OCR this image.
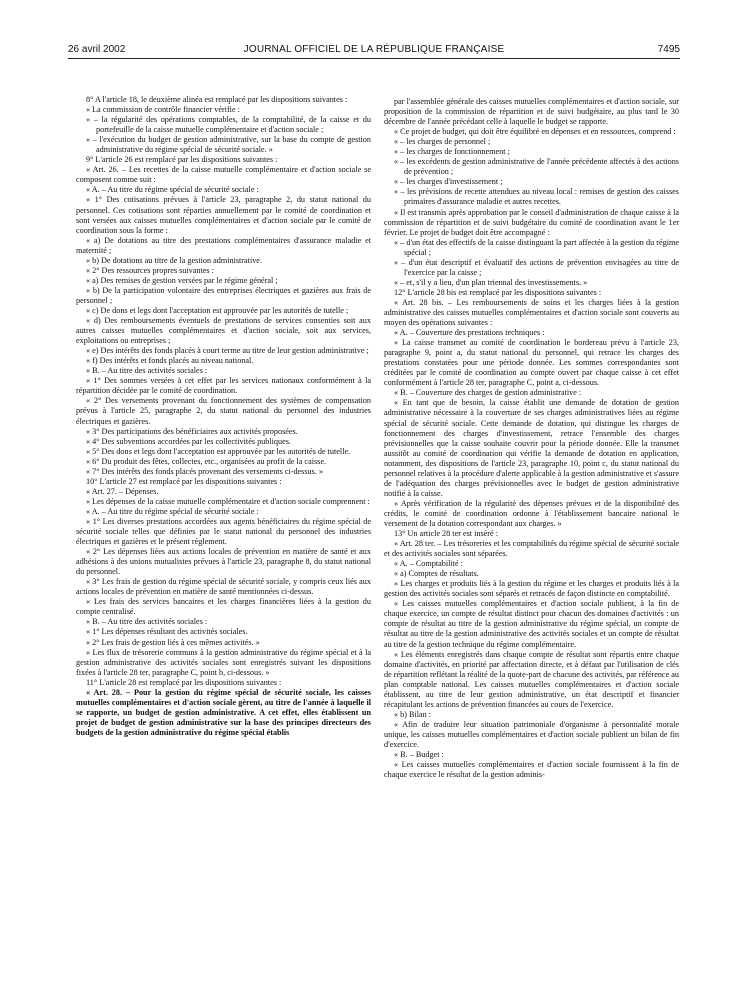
26 avril 2002	JOURNAL OFFICIEL DE LA RÉPUBLIQUE FRANÇAISE	7495

8° A l'article 18, le deuxième alinéa est remplacé par les dispositions suivantes :

« La commission de contrôle financier vérifie :

« – la régularité des opérations comptables, de la comptabilité, de la caisse et du portefeuille de la caisse mutuelle complémentaire et d'action sociale ;

« – l'exécution du budget de gestion administrative, sur la base du compte de gestion administrative du régime spécial de sécurité sociale. »

9° L'article 26 est remplacé par les dispositions suivantes :

« Art. 26. – Les recettes de la caisse mutuelle complémentaire et d'action sociale se composent comme suit :

« A. – Au titre du régime spécial de sécurité sociale :

« 1° Des cotisations prévues à l'article 23, paragraphe 2, du statut national du personnel. Ces cotisations sont réparties annuellement par le comité de coordination et sont versées aux caisses mutuelles complémentaires et d'action sociale par le comité de coordination sous la forme :

« a) De dotations au titre des prestations complémentaires d'assurance maladie et maternité ;

« b) De dotations au titre de la gestion administrative.

« 2° Des ressources propres suivantes :

« a) Des remises de gestion versées par le régime général ;

« b) De la participation volontaire des entreprises électriques et gazières aux frais de personnel ;

« c) De dons et legs dont l'acceptation est approuvée par les autorités de tutelle ;

« d) Des remboursements éventuels de prestations de services consenties soit aux autres caisses mutuelles complémentaires et d'action sociale, soit aux services, exploitations ou entreprises ;

« e) Des intérêts des fonds placés à court terme au titre de leur gestion administrative ;

« f) Des intérêts et fonds placés au niveau national.

« B. – Au titre des activités sociales :

« 1° Des sommes versées à cet effet par les services nationaux conformément à la répartition décidée par le comité de coordination.

« 2° Des versements provenant du fonctionnement des systèmes de compensation prévus à l'article 25, paragraphe 2, du statut national du personnel des industries électriques et gazières.

« 3° Des participations des bénéficiaires aux activités proposées.

« 4° Des subventions accordées par les collectivités publiques.

« 5° Des dons et legs dont l'acceptation est approuvée par les autorités de tutelle.

« 6° Du produit des fêtes, collectes, etc., organisées au profit de la caisse.

« 7° Des intérêts des fonds placés provenant des versements ci-dessus. »

10° L'article 27 est remplacé par les dispositions suivantes :

« Art. 27. – Dépenses.

« Les dépenses de la caisse mutuelle complémentaire et d'action sociale comprennent :

« A. – Au titre du régime spécial de sécurité sociale :

« 1° Les diverses prestations accordées aux agents bénéficiaires du régime spécial de sécurité sociale telles que définies par le statut national du personnel des industries électriques et gazières et le présent règlement.

« 2° Les dépenses liées aux actions locales de prévention en matière de santé et aux adhésions à des unions mutualistes prévues à l'article 23, paragraphe 8, du statut national du personnel.

« 3° Les frais de gestion du régime spécial de sécurité sociale, y compris ceux liés aux actions locales de prévention en matière de santé mentionnées ci-dessus.

« Les frais des services bancaires et les charges financières liées à la gestion du compte centralisé.

« B. – Au titre des activités sociales :

« 1° Les dépenses résultant des activités sociales.

« 2° Les frais de gestion liés à ces mêmes activités. »

« Les flux de trésorerie communs à la gestion administrative du régime spécial et à la gestion administrative des activités sociales sont enregistrés suivant les dispositions fixées à l'article 28 ter, paragraphe C, point b, ci-dessous. »

11° L'article 28 est remplacé par les dispositions suivantes :

« Art. 28. – Pour la gestion du régime spécial de sécurité sociale, les caisses mutuelles complémentaires et d'action sociale gèrent, au titre de l'année à laquelle il se rapporte, un budget de gestion administrative. A cet effet, elles établissent un projet de budget de gestion administrative sur la base des principes directeurs des budgets de la gestion administrative du régime spécial établis

par l'assemblée générale des caisses mutuelles complémentaires et d'action sociale, sur proposition de la commission de répartition et de suivi budgétaire, au plus tard le 30 décembre de l'année précédant celle à laquelle le budget se rapporte.

« Ce projet de budget, qui doit être équilibré en dépenses et en ressources, comprend :

« – les charges de personnel ;

« – les charges de fonctionnement ;

« – les excédents de gestion administrative de l'année précédente affectés à des actions de prévention ;

« – les charges d'investissement ;

« – les prévisions de recette attendues au niveau local : remises de gestion des caisses primaires d'assurance maladie et autres recettes.

« Il est transmis après approbation par le conseil d'administration de chaque caisse à la commission de répartition et de suivi budgétaire du comité de coordination avant le 1er février. Le projet de budget doit être accompagné :

« – d'un état des effectifs de la caisse distinguant la part affectée à la gestion du régime spécial ;

« – d'un état descriptif et évaluatif des actions de prévention envisagées au titre de l'exercice par la caisse ;

« – et, s'il y a lieu, d'un plan triennal des investissements. »

12° L'article 28 bis est remplacé par les dispositions suivantes :

« Art. 28 bis. – Les remboursements de soins et les charges liées à la gestion administrative des caisses mutuelles complémentaires et d'action sociale sont couverts au moyen des opérations suivantes :

« A. – Couverture des prestations techniques :

« La caisse transmet au comité de coordination le bordereau prévu à l'article 23, paragraphe 9, point a, du statut national du personnel, qui retrace les charges des prestations constatées pour une période donnée. Les sommes correspondantes sont créditées par le comité de coordination au compte ouvert par chaque caisse à cet effet conformément à l'article 28 ter, paragraphe C, point a, ci-dessous.

« B. – Couverture des charges de gestion administrative :

« En tant que de besoin, la caisse établit une demande de dotation de gestion administrative nécessaire à la couverture de ses charges administratives liées au régime spécial de sécurité sociale. Cette demande de dotation, qui distingue les charges de fonctionnement des charges d'investissement, retrace l'ensemble des charges prévisionnelles que la caisse souhaite couvrir pour la période donnée. Elle la transmet aussitôt au comité de coordination qui vérifie la demande de dotation en application, notamment, des dispositions de l'article 23, paragraphe 10, point c, du statut national du personnel relatives à la procédure d'alerte applicable à la gestion administrative et s'assure de l'adéquation des charges prévisionnelles avec le budget de gestion administrative notifié à la caisse.

« Après vérification de la régularité des dépenses prévues et de la disponibilité des crédits, le comité de coordination ordonne à l'établissement bancaire national le versement de la dotation correspondant aux charges. »

13° Un article 28 ter est inséré :

« Art. 28 ter. – Les trésoreries et les comptabilités du régime spécial de sécurité sociale et des activités sociales sont séparées.

« A. – Comptabilité :

« a) Comptes de résultats.

« Les charges et produits liés à la gestion du régime et les charges et produits liés à la gestion des activités sociales sont séparés et retracés de façon distincte en comptabilité.

« Les caisses mutuelles complémentaires et d'action sociale publient, à la fin de chaque exercice, un compte de résultat distinct pour chacun des domaines d'activités : un compte de résultat au titre de la gestion administrative du régime spécial, un compte de résultat au titre de la gestion administrative des activités sociales et un compte de résultat au titre de la gestion technique du régime complémentaire.

« Les éléments enregistrés dans chaque compte de résultat sont répartis entre chaque domaine d'activités, en priorité par affectation directe, et à défaut par l'utilisation de clés de répartition reflétant la réalité de la quote-part de chacune des activités, par référence au plan comptable national. Les caisses mutuelles complémentaires et d'action sociale établissent, au titre de leur gestion administrative, un état descriptif et financier récapitulant les actions de prévention financées au cours de l'exercice.

« b) Bilan :

« Afin de traduire leur situation patrimoniale d'organisme à personnalité morale unique, les caisses mutuelles complémentaires et d'action sociale publient un bilan de fin d'exercice.

« B. – Budget :

« Les caisses mutuelles complémentaires et d'action sociale fournissent à la fin de chaque exercice le résultat de la gestion adminis-
